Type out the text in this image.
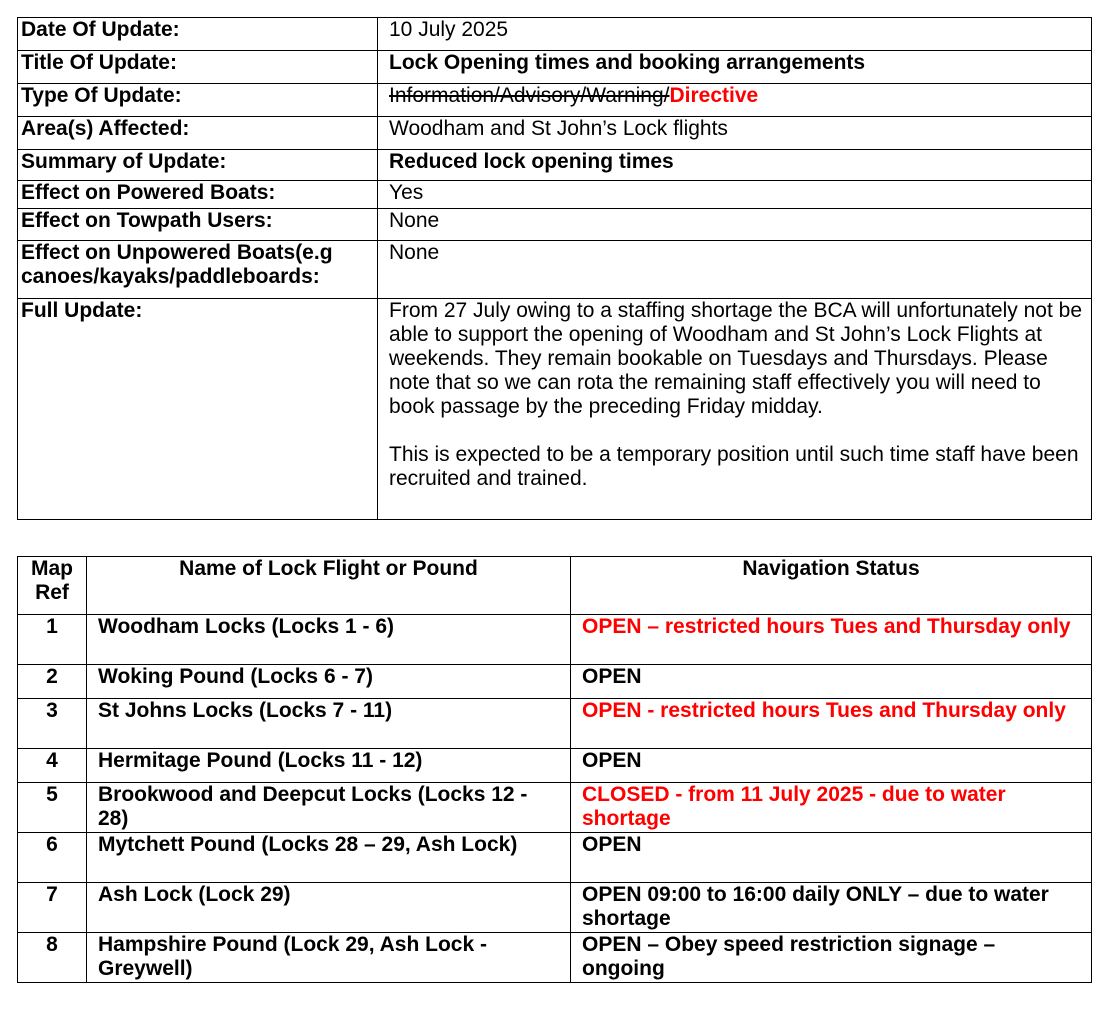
Date Of Update:	10 July 2025
Title Of Update:	Lock Opening times and booking arrangements
Type Of Update:	Information/Advisory/Warning/Directive
Area(s) Affected:	Woodham and St John’s Lock flights
Summary of Update:	Reduced lock opening times
Effect on Powered Boats:	Yes
Effect on Towpath Users:	None
Effect on Unpowered Boats(e.g canoes/kayaks/paddleboards:	None
Full Update:	From 27 July owing to a staffing shortage the BCA will unfortunately not be able to support the opening of Woodham and St John’s Lock Flights at weekends. They remain bookable on Tuesdays and Thursdays. Please note that so we can rota the remaining staff effectively you will need to book passage by the preceding Friday midday.
This is expected to be a temporary position until such time staff have been recruited and trained.
Map Ref	Name of Lock Flight or Pound	Navigation Status
1	Woodham Locks (Locks 1 - 6)	OPEN – restricted hours Tues and Thursday only
2	Woking Pound (Locks 6 - 7)	OPEN
3	St Johns Locks (Locks 7 - 11)	OPEN - restricted hours Tues and Thursday only
4	Hermitage Pound (Locks 11 - 12)	OPEN
5	Brookwood and Deepcut Locks (Locks 12 - 28)	CLOSED - from 11 July 2025 - due to water shortage
6	Mytchett Pound (Locks 28 – 29, Ash Lock)	OPEN
7	Ash Lock (Lock 29)	OPEN 09:00 to 16:00 daily ONLY – due to water shortage
8	Hampshire Pound (Lock 29, Ash Lock - Greywell)	OPEN – Obey speed restriction signage – ongoing
